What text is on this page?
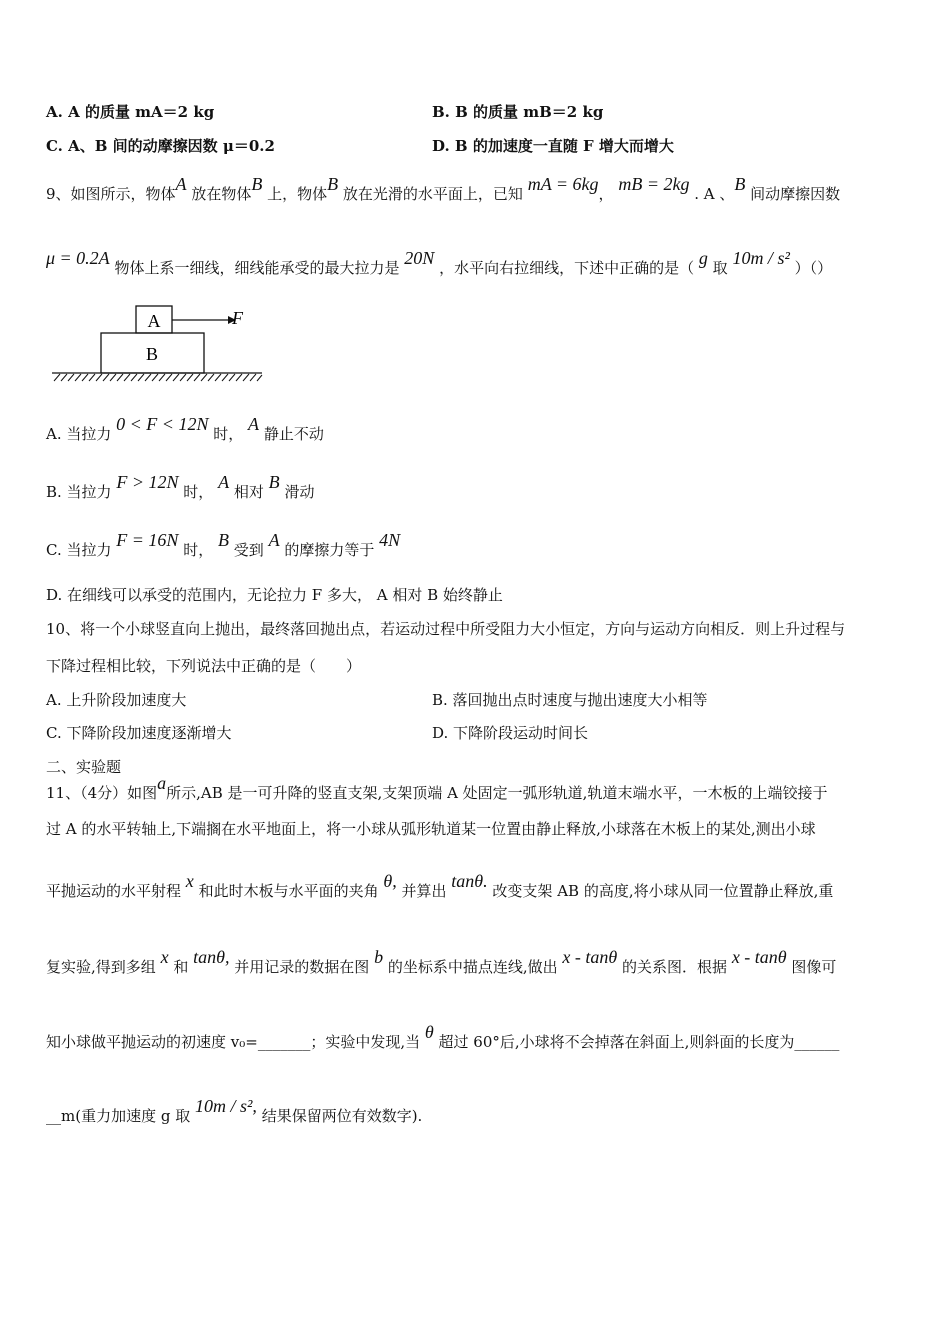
A. A 的质量 mA＝2 kg	B. B 的质量 mB＝2 kg
C. A、B 间的动摩擦因数 μ＝0.2	D. B 的加速度一直随 F 增大而增大
9、如图所示，物体A 放在物体B 上，物体B 放在光滑的水平面上，已知 mA = 6kg， mB = 2kg . A 、B 间动摩擦因数
μ = 0.2A 物体上系一细线，细线能承受的最大拉力是 20N ，水平向右拉细线，下述中正确的是（ g 取 10m / s² ）（）
A
B
F
A. 当拉力 0 < F < 12N 时， A 静止不动
B. 当拉力 F > 12N 时， A 相对 B 滑动
C. 当拉力 F = 16N 时， B 受到 A 的摩擦力等于 4N
D. 在细线可以承受的范围内，无论拉力 F 多大， A 相对 B 始终静止
10、将一个小球竖直向上抛出，最终落回抛出点，若运动过程中所受阻力大小恒定，方向与运动方向相反．则上升过程与
下降过程相比较，下列说法中正确的是（　　）
A. 上升阶段加速度大	B. 落回抛出点时速度与抛出速度大小相等
C. 下降阶段加速度逐渐增大	D. 下降阶段运动时间长
二、实验题
11、（4分）如图a所示,AB 是一可升降的竖直支架,支架顶端 A 处固定一弧形轨道,轨道末端水平，一木板的上端铰接于
过 A 的水平转轴上,下端搁在水平地面上，将一小球从弧形轨道某一位置由静止释放,小球落在木板上的某处,测出小球
平抛运动的水平射程 x 和此时木板与水平面的夹角 θ, 并算出 tanθ. 改变支架 AB 的高度,将小球从同一位置静止释放,重
复实验,得到多组 x 和 tanθ, 并用记录的数据在图 b 的坐标系中描点连线,做出 x - tanθ 的关系图．根据 x - tanθ 图像可
知小球做平抛运动的初速度 v₀=_______；实验中发现,当 θ 超过 60°后,小球将不会掉落在斜面上,则斜面的长度为______
__m(重力加速度 g 取 10m / s², 结果保留两位有效数字).
